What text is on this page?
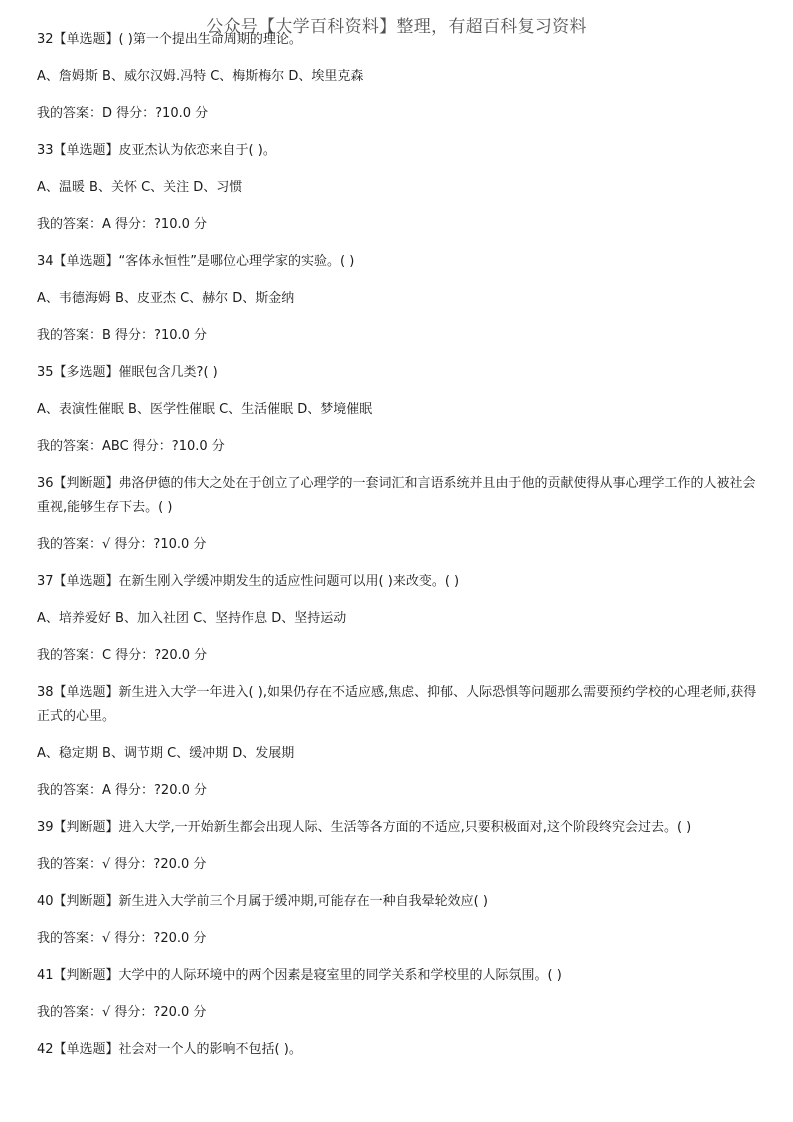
公众号【大学百科资料】整理，有超百科复习资料

32【单选题】( )第一个提出生命周期的理论。

A、詹姆斯 B、威尔汉姆.冯特 C、梅斯梅尔 D、埃里克森

我的答案：D 得分：?10.0 分

33【单选题】皮亚杰认为依恋来自于( )。

A、温暖 B、关怀 C、关注 D、习惯

我的答案：A 得分：?10.0 分

34【单选题】“客体永恒性”是哪位心理学家的实验。( )

A、韦德海姆 B、皮亚杰 C、赫尔 D、斯金纳

我的答案：B 得分：?10.0 分

35【多选题】催眠包含几类?( )

A、表演性催眠 B、医学性催眠 C、生活催眠 D、梦境催眠

我的答案：ABC 得分：?10.0 分

36【判断题】弗洛伊德的伟大之处在于创立了心理学的一套词汇和言语系统并且由于他的贡献使得从事心理学工作的人被社会重视,能够生存下去。( )

我的答案：√ 得分：?10.0 分

37【单选题】在新生刚入学缓冲期发生的适应性问题可以用( )来改变。( )

A、培养爱好 B、加入社团 C、坚持作息 D、坚持运动

我的答案：C 得分：?20.0 分

38【单选题】新生进入大学一年进入( ),如果仍存在不适应感,焦虑、抑郁、人际恐惧等问题那么需要预约学校的心理老师,获得正式的心里。

A、稳定期 B、调节期 C、缓冲期 D、发展期

我的答案：A 得分：?20.0 分

39【判断题】进入大学,一开始新生都会出现人际、生活等各方面的不适应,只要积极面对,这个阶段终究会过去。( )

我的答案：√ 得分：?20.0 分

40【判断题】新生进入大学前三个月属于缓冲期,可能存在一种自我晕轮效应( )

我的答案：√ 得分：?20.0 分

41【判断题】大学中的人际环境中的两个因素是寝室里的同学关系和学校里的人际氛围。( )

我的答案：√ 得分：?20.0 分

42【单选题】社会对一个人的影响不包括( )。
